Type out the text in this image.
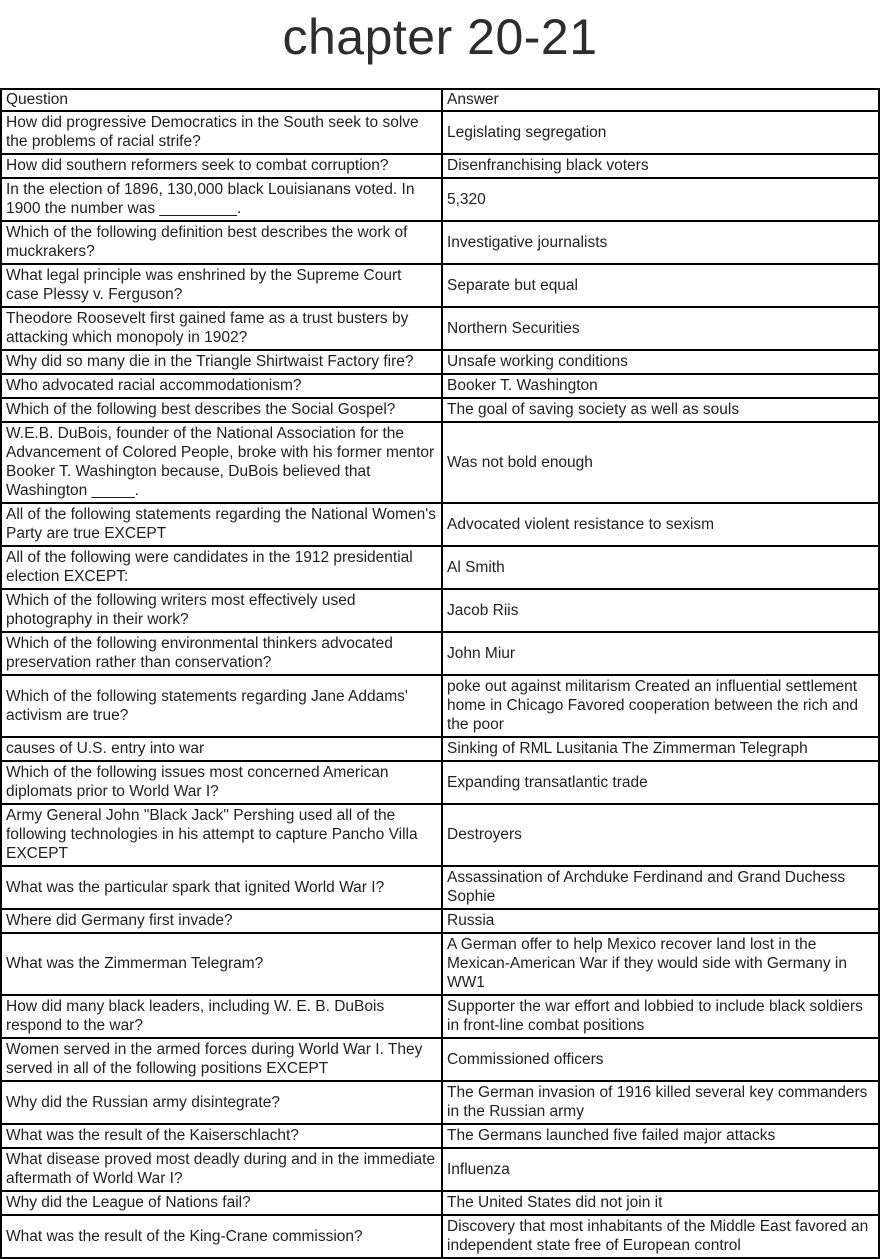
chapter 20-21
Question	Answer
How did progressive Democratics in the South seek to solve the problems of racial strife?	Legislating segregation
How did southern reformers seek to combat corruption?	Disenfranchising black voters
In the election of 1896, 130,000 black Louisianans voted. In 1900 the number was _________.	5,320
Which of the following definition best describes the work of muckrakers?	Investigative journalists
What legal principle was enshrined by the Supreme Court case Plessy v. Ferguson?	Separate but equal
Theodore Roosevelt first gained fame as a trust busters by attacking which monopoly in 1902?	Northern Securities
Why did so many die in the Triangle Shirtwaist Factory fire?	Unsafe working conditions
Who advocated racial accommodationism?	Booker T. Washington
Which of the following best describes the Social Gospel?	The goal of saving society as well as souls
W.E.B. DuBois, founder of the National Association for the Advancement of Colored People, broke with his former mentor Booker T. Washington because, DuBois believed that Washington _____.	Was not bold enough
All of the following statements regarding the National Women's Party are true EXCEPT	Advocated violent resistance to sexism
All of the following were candidates in the 1912 presidential election EXCEPT:	Al Smith
Which of the following writers most effectively used photography in their work?	Jacob Riis
Which of the following environmental thinkers advocated preservation rather than conservation?	John Miur
Which of the following statements regarding Jane Addams' activism are true?	poke out against militarism Created an influential settlement home in Chicago Favored cooperation between the rich and the poor
causes of U.S. entry into war	Sinking of RML Lusitania The Zimmerman Telegraph
Which of the following issues most concerned American diplomats prior to World War I?	Expanding transatlantic trade
Army General John "Black Jack" Pershing used all of the following technologies in his attempt to capture Pancho Villa EXCEPT	Destroyers
What was the particular spark that ignited World War I?	Assassination of Archduke Ferdinand and Grand Duchess Sophie
Where did Germany first invade?	Russia
What was the Zimmerman Telegram?	A German offer to help Mexico recover land lost in the Mexican-American War if they would side with Germany in WW1
How did many black leaders, including W. E. B. DuBois respond to the war?	Supporter the war effort and lobbied to include black soldiers in front-line combat positions
Women served in the armed forces during World War I. They served in all of the following positions EXCEPT	Commissioned officers
Why did the Russian army disintegrate?	The German invasion of 1916 killed several key commanders in the Russian army
What was the result of the Kaiserschlacht?	The Germans launched five failed major attacks
What disease proved most deadly during and in the immediate aftermath of World War I?	Influenza
Why did the League of Nations fail?	The United States did not join it
What was the result of the King-Crane commission?	Discovery that most inhabitants of the Middle East favored an independent state free of European control
